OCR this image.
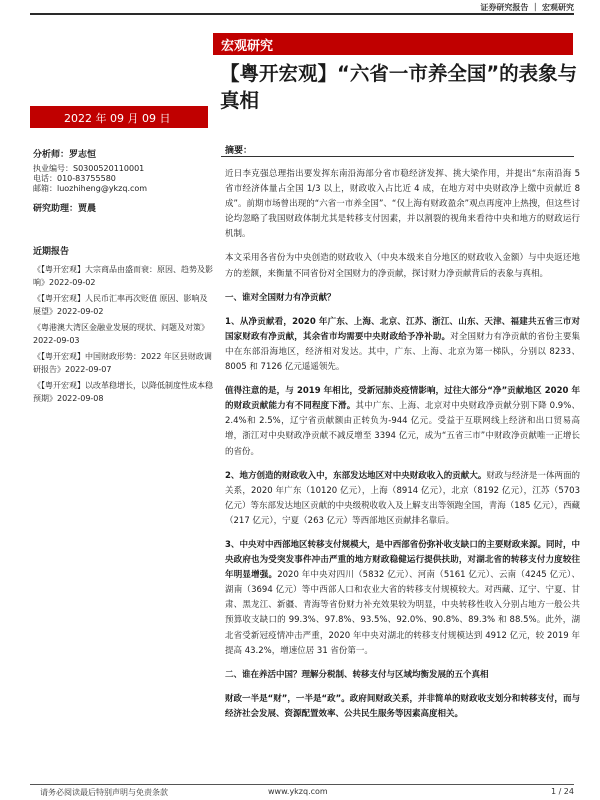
证券研究报告 ｜ 宏观研究
宏观研究
【粤开宏观】“六省一市养全国”的表象与真相
2022 年 09 月 09 日
分析师：罗志恒
执业编号：S0300520110001
电话：010-83755580
邮箱：luozhiheng@ykzq.com
研究助理：贾晨
近期报告
《【粤开宏观】大宗商品由盛而衰：原因、趋势及影响》2022-09-02
《【粤开宏观】人民币汇率再次贬值 原因、影响及展望》2022-09-02
《粤港澳大湾区金融业发展的现状、问题及对策》2022-09-03
《【粤开宏观】中国财政形势：2022 年区县财政调研报告》2022-09-07
《【粤开宏观】以改革稳增长，以降低制度性成本稳预期》2022-09-08
摘要：

近日李克强总理指出要发挥东南沿海部分省市稳经济发挥、挑大梁作用，并提出“东南沿海 5 省市经济体量占全国 1/3 以上，财政收入占比近 4 成，在地方对中央财政净上缴中贡献近 8 成”。前期市场曾出现的“六省一市养全国”、“仅上海有财政盈余”观点再度冲上热搜，但这些讨论均忽略了我国财政体制尤其是转移支付因素，并以割裂的视角来看待中央和地方的财政运行机制。

本文采用各省份为中央创造的财政收入（中央本级来自分地区的财政收入金额）与中央返还地方的差额，来衡量不同省份对全国财力的净贡献，探讨财力净贡献背后的表象与真相。

一、谁对全国财力有净贡献？

1、从净贡献看，2020 年广东、上海、北京、江苏、浙江、山东、天津、福建共五省三市对国家财政有净贡献，其余省市均需要中央财政给予净补助。对全国财力有净贡献的省份主要集中在东部沿海地区，经济相对发达。其中，广东、上海、北京为第一梯队，分别以 8233、8005 和 7126 亿元遥遥领先。

值得注意的是，与 2019 年相比，受新冠肺炎疫情影响，过往大部分“净”贡献地区 2020 年的财政贡献能力有不同程度下滑。其中广东、上海、北京对中央财政净贡献分别下降 0.9%、2.4%和 2.5%，辽宁省贡献额由正转负为-944 亿元。受益于互联网线上经济和出口贸易高增，浙江对中央财政净贡献不减反增至 3394 亿元，成为“五省三市”中财政净贡献唯一正增长的省份。

2、地方创造的财政收入中，东部发达地区对中央财政收入的贡献大。财政与经济是一体两面的关系，2020 年广东（10120 亿元），上海（8914 亿元），北京（8192 亿元），江苏（5703 亿元）等东部发达地区贡献的中央级税收收入及上解支出等领跑全国，青海（185 亿元），西藏（217 亿元），宁夏（263 亿元）等西部地区贡献排名靠后。

3、中央对中西部地区转移支付规模大，是中西部省份弥补收支缺口的主要财政来源。同时，中央政府也为受突发事件冲击严重的地方财政稳健运行提供扶助，对湖北省的转移支付力度较往年明显增强。2020 年中央对四川（5832 亿元）、河南（5161 亿元）、云南（4245 亿元）、湖南（3694 亿元）等中西部人口和农业大省的转移支付规模较大。对西藏、辽宁、宁夏、甘肃、黑龙江、新疆、青海等省份财力补充效果较为明显，中央转移性收入分别占地方一般公共预算收支缺口的 99.3%、97.8%、93.5%、92.0%、90.8%、89.3% 和 88.5%。此外，湖北省受新冠疫情冲击严重，2020 年中央对湖北的转移支付规模达到 4912 亿元，较 2019 年提高 43.2%，增速位居 31 省份第一。

二、谁在养活中国？理解分税制、转移支付与区域均衡发展的五个真相

财政一半是“财”，一半是“政”。政府间财政关系，并非简单的财政收支划分和转移支付，而与经济社会发展、资源配置效率、公共民生服务等因素高度相关。

请务必阅读最后特别声明与免责条款	www.ykzq.com	1 / 24
